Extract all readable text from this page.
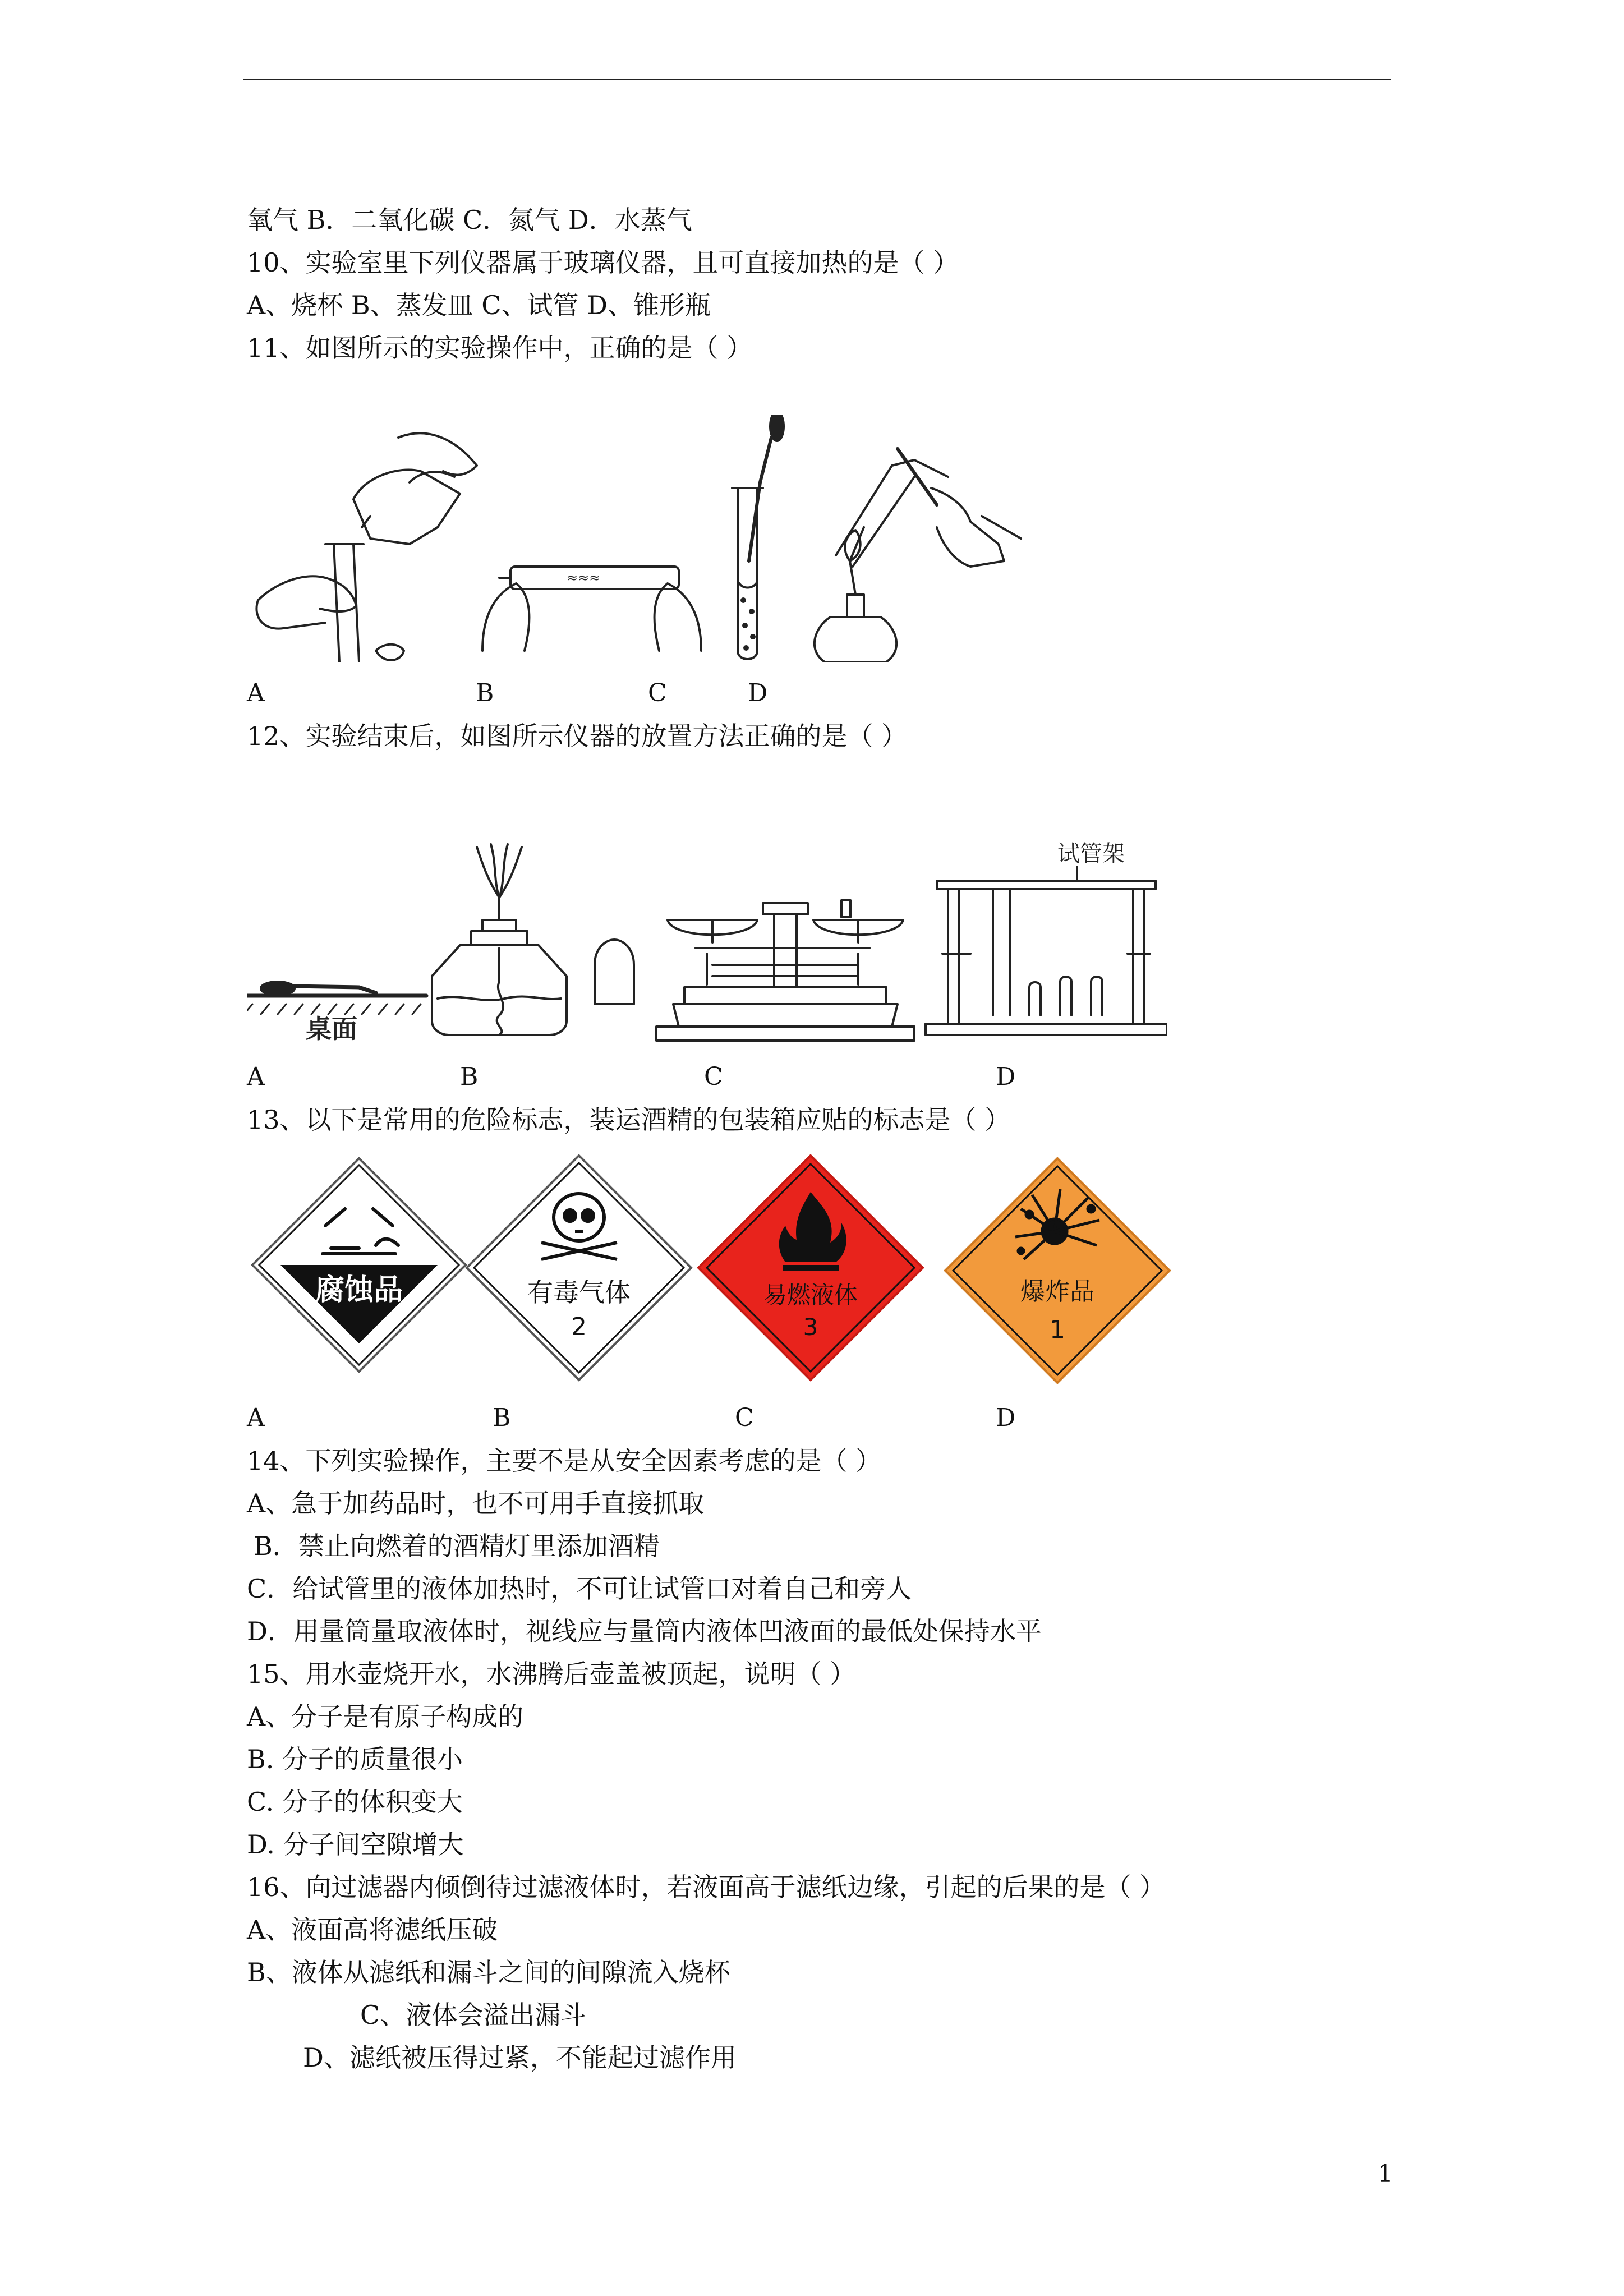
氧气 B．二氧化碳 C．氮气 D．水蒸气
10、实验室里下列仪器属于玻璃仪器，且可直接加热的是（ ）
A、烧杯 B、蒸发皿 C、试管 D、锥形瓶
11、如图所示的实验操作中，正确的是（ ）
≈≈≈
A	B	C	D
12、实验结束后，如图所示仪器的放置方法正确的是（ ）
桌面
试管架
A	B	C	D
13、以下是常用的危险标志，装运酒精的包装箱应贴的标志是（ ）
腐蚀品	有毒气体
2
易燃液体
3
爆炸品
1
A	B	C	D
14、下列实验操作，主要不是从安全因素考虑的是（ ）
A、急于加药品时，也不可用手直接抓取
B．禁止向燃着的酒精灯里添加酒精
C．给试管里的液体加热时，不可让试管口对着自己和旁人
D．用量筒量取液体时，视线应与量筒内液体凹液面的最低处保持水平
15、用水壶烧开水，水沸腾后壶盖被顶起，说明（ ）
A、分子是有原子构成的
B. 分子的质量很小
C. 分子的体积变大
D. 分子间空隙增大
16、向过滤器内倾倒待过滤液体时，若液面高于滤纸边缘，引起的后果的是（ ）
A、液面高将滤纸压破
B、液体从滤纸和漏斗之间的间隙流入烧杯
C、液体会溢出漏斗
D、滤纸被压得过紧，不能起过滤作用
1
